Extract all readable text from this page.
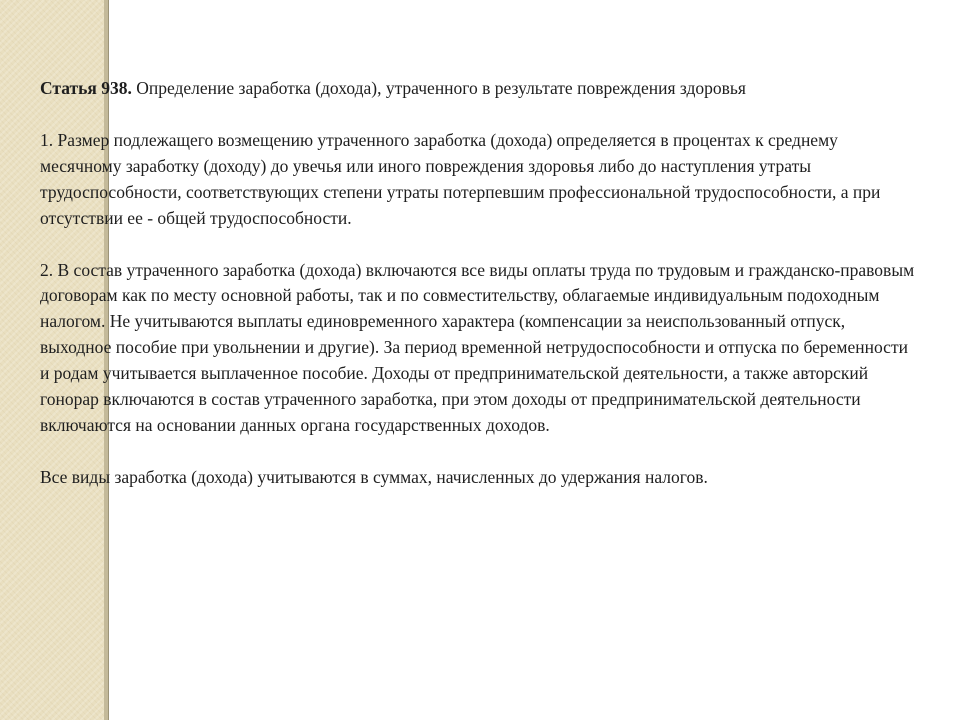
Статья 938. Определение заработка (дохода), утраченного в результате повреждения здоровья

1. Размер подлежащего возмещению утраченного заработка (дохода) определяется в процентах к среднему месячному заработку (доходу) до увечья или иного повреждения здоровья либо до наступления утраты трудоспособности, соответствующих степени утраты потерпевшим профессиональной трудоспособности, а при отсутствии ее - общей трудоспособности.

2. В состав утраченного заработка (дохода) включаются все виды оплаты труда по трудовым и гражданско-правовым договорам как по месту основной работы, так и по совместительству, облагаемые индивидуальным подоходным налогом. Не учитываются выплаты единовременного характера (компенсации за неиспользованный отпуск, выходное пособие при увольнении и другие). За период временной нетрудоспособности и отпуска по беременности и родам учитывается выплаченное пособие. Доходы от предпринимательской деятельности, а также авторский гонорар включаются в состав утраченного заработка, при этом доходы от предпринимательской деятельности включаются на основании данных органа государственных доходов.

Все виды заработка (дохода) учитываются в суммах, начисленных до удержания налогов.
